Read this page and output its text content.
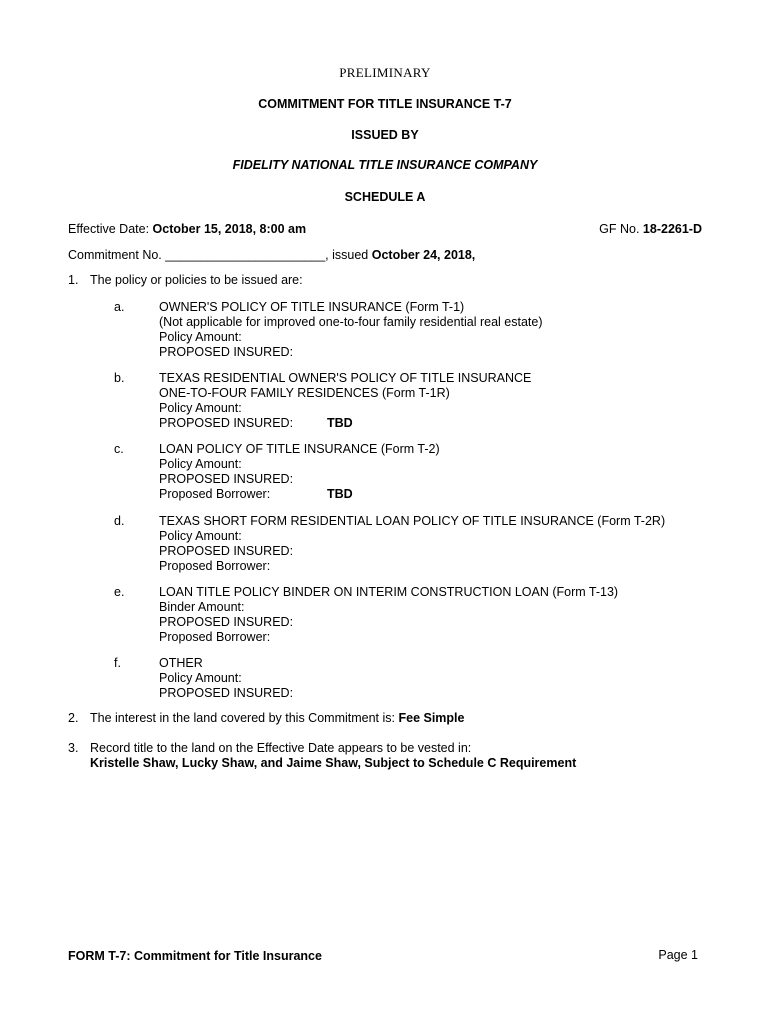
PRELIMINARY
COMMITMENT FOR TITLE INSURANCE T-7
ISSUED BY
FIDELITY NATIONAL TITLE INSURANCE COMPANY
SCHEDULE A
Effective Date: October 15, 2018, 8:00 am	GF No. 18-2261-D
Commitment No. _______________________, issued October 24, 2018,
1. The policy or policies to be issued are:
a.	OWNER'S POLICY OF TITLE INSURANCE (Form T-1)
(Not applicable for improved one-to-four family residential real estate)
Policy Amount:
PROPOSED INSURED:
b.	TEXAS RESIDENTIAL OWNER'S POLICY OF TITLE INSURANCE
ONE-TO-FOUR FAMILY RESIDENCES (Form T-1R)
Policy Amount:
PROPOSED INSURED:	TBD
c.	LOAN POLICY OF TITLE INSURANCE (Form T-2)
Policy Amount:
PROPOSED INSURED:
Proposed Borrower:	TBD
d.	TEXAS SHORT FORM RESIDENTIAL LOAN POLICY OF TITLE INSURANCE (Form T-2R)
Policy Amount:
PROPOSED INSURED:
Proposed Borrower:
e.	LOAN TITLE POLICY BINDER ON INTERIM CONSTRUCTION LOAN (Form T-13)
Binder Amount:
PROPOSED INSURED:
Proposed Borrower:
f.	OTHER
Policy Amount:
PROPOSED INSURED:
2. The interest in the land covered by this Commitment is: Fee Simple
3. Record title to the land on the Effective Date appears to be vested in:
Kristelle Shaw, Lucky Shaw, and Jaime Shaw, Subject to Schedule C Requirement
FORM T-7: Commitment for Title Insurance	Page 1
